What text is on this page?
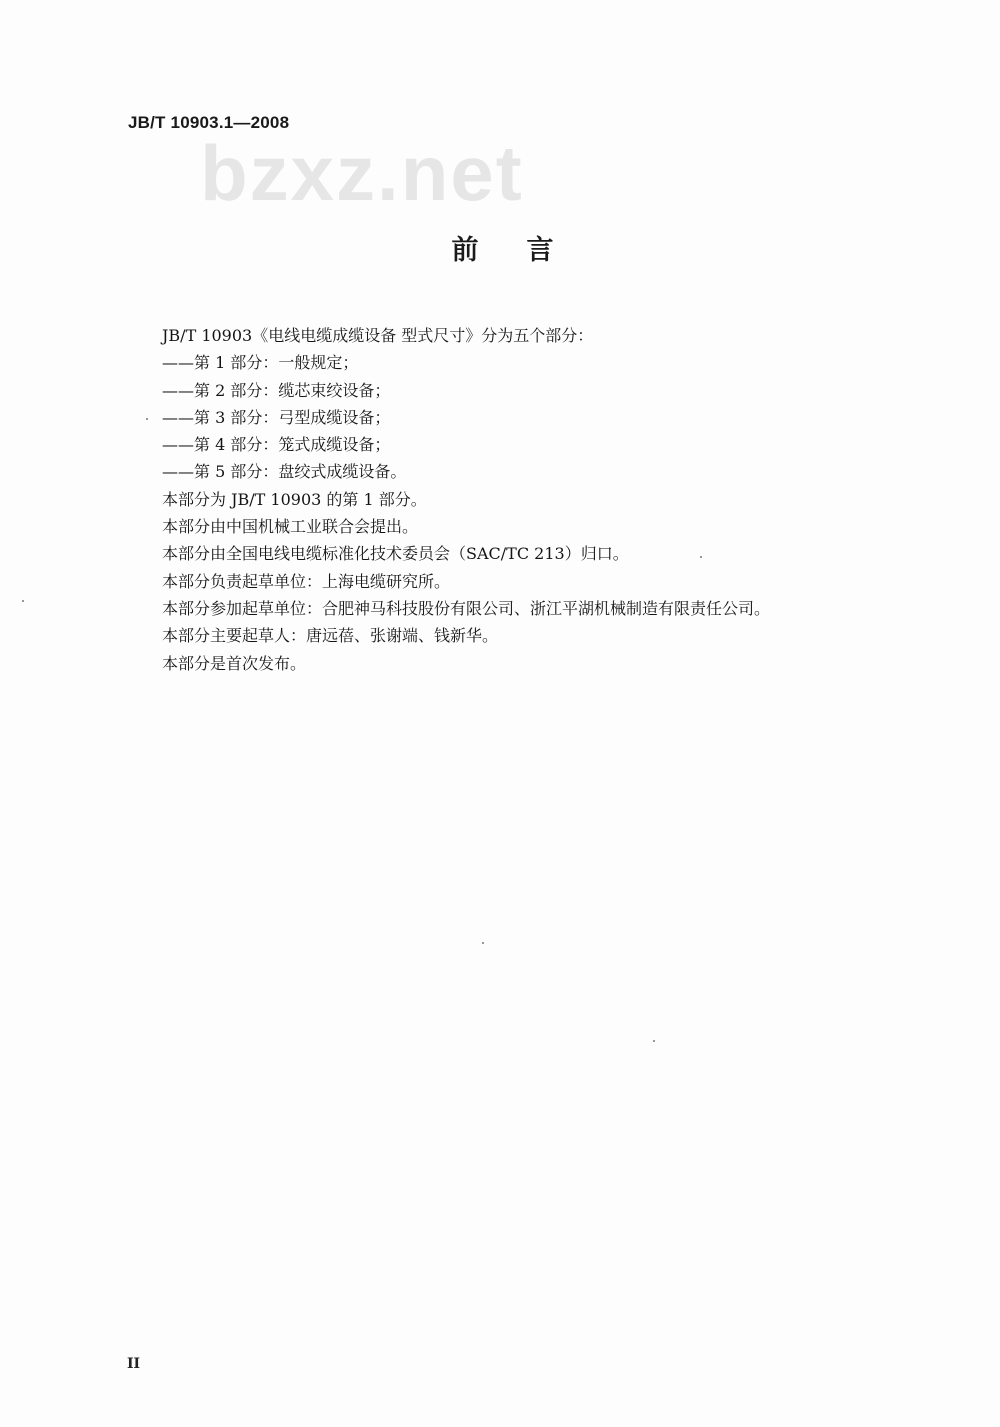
JB/T 10903.1—2008
bzxz.net
前言
JB/T 10903《电线电缆成缆设备 型式尺寸》分为五个部分：
——第 1 部分：一般规定；
——第 2 部分：缆芯束绞设备；
——第 3 部分：弓型成缆设备；
——第 4 部分：笼式成缆设备；
——第 5 部分：盘绞式成缆设备。
本部分为 JB/T 10903 的第 1 部分。
本部分由中国机械工业联合会提出。
本部分由全国电线电缆标准化技术委员会（SAC/TC 213）归口。
本部分负责起草单位：上海电缆研究所。
本部分参加起草单位：合肥神马科技股份有限公司、浙江平湖机械制造有限责任公司。
本部分主要起草人：唐远蓓、张谢端、钱新华。
本部分是首次发布。
II
